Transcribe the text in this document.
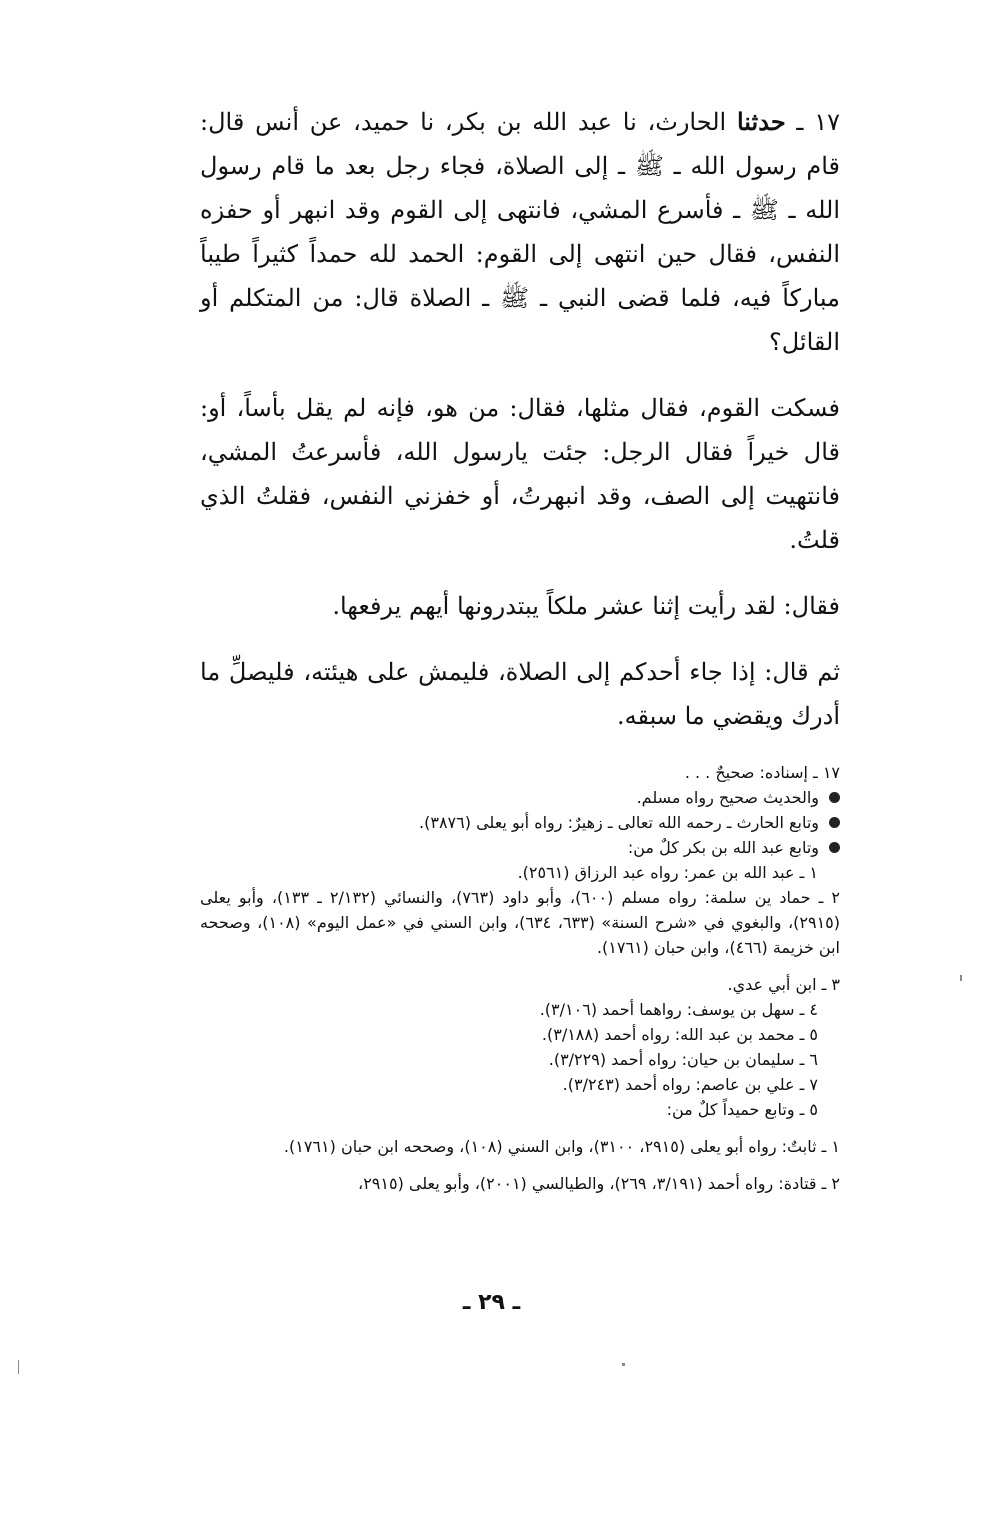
١٧ ـ حدثنا الحارث، نا عبد الله بن بكر، نا حميد، عن أنس قال: قام رسول الله ـ ﷺ ـ إلى الصلاة، فجاء رجل بعد ما قام رسول الله ـ ﷺ ـ فأسرع المشي، فانتهى إلى القوم وقد انبهر أو حفزه النفس، فقال حين انتهى إلى القوم: الحمد لله حمداً كثيراً طيباً مباركاً فيه، فلما قضى النبي ـ ﷺ ـ الصلاة قال: من المتكلم أو القائل؟

فسكت القوم، فقال مثلها، فقال: من هو، فإنه لم يقل بأساً، أو: قال خيراً فقال الرجل: جئت يارسول الله، فأسرعتُ المشي، فانتهيت إلى الصف، وقد انبهرتُ، أو خفزني النفس، فقلتُ الذي قلتُ.

فقال: لقد رأيت إثنا عشر ملكاً يبتدرونها أيهم يرفعها.

ثم قال: إذا جاء أحدكم إلى الصلاة، فليمش على هيئته، فليصلِّ ما أدرك ويقضي ما سبقه.

١٧ ـ إسناده: صحيحٌ . . .

والحديث صحيح رواه مسلم.
وتابع الحارث ـ رحمه الله تعالى ـ زهيرٌ: رواه أبو يعلى (٣٨٧٦).
وتابع عبد الله بن بكر كلٌ من:

١ ـ عبد الله بن عمر: رواه عبد الرزاق (٢٥٦١).

٢ ـ حماد ين سلمة: رواه مسلم (٦٠٠)، وأبو داود (٧٦٣)، والنسائي (٢/١٣٢ ـ ١٣٣)، وأبو يعلى (٢٩١٥)، والبغوي في «شرح السنة» (٦٣٣، ٦٣٤)، وابن السني في «عمل اليوم» (١٠٨)، وصححه ابن خزيمة (٤٦٦)، وابن حبان (١٧٦١).

٣ ـ ابن أبي عدي.

٤ ـ سهل بن يوسف: رواهما أحمد (٣/١٠٦).

٥ ـ محمد بن عبد الله: رواه أحمد (٣/١٨٨).

٦ ـ سليمان بن حيان: رواه أحمد (٣/٢٢٩).

٧ ـ علي بن عاصم: رواه أحمد (٣/٢٤٣).

٥ ـ وتابع حميداً كلٌ من:

١ ـ ثابتٌ: رواه أبو يعلى (٢٩١٥، ٣١٠٠)، وابن السني (١٠٨)، وصححه ابن حبان (١٧٦١).

٢ ـ قتادة: رواه أحمد (٣/١٩١، ٢٦٩)، والطيالسي (٢٠٠١)، وأبو يعلى (٢٩١٥،

ـ ٢٩ ـ
